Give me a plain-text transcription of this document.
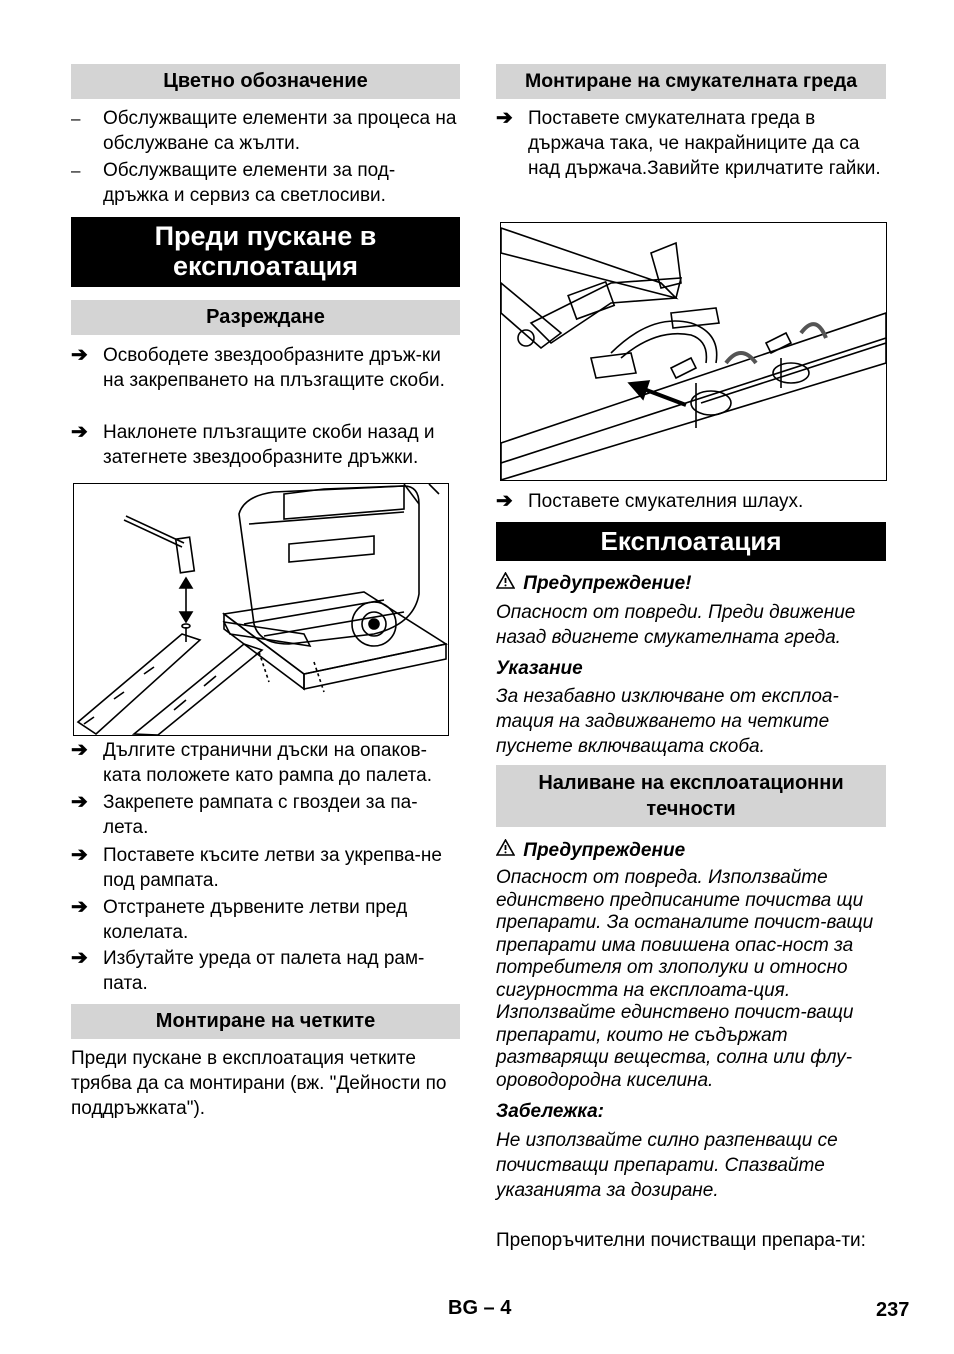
Цветно обозначение
–	Обслужващите елементи за процеса на обслужване са жълти.
–	Обслужващите елементи за под-дръжка и сервиз са светлосиви.
Преди пускане в експлоатация
Разреждане
➔ Освободете звездообразните дръж-ки на закрепването на плъзгащите скоби.
➔ Наклонете плъзгащите скоби назад и затегнете звездообразните дръжки.
➔ Дългите странични дъски на опаков-ката положете като рампа до палета.
➔ Закрепете рампата с гвоздеи за па-лета.
➔ Поставете късите летви за укрепва-не под рампата.
➔ Отстранете дървените летви пред колелата.
➔ Избутайте уреда от палета над рам-пата.
Монтиране на четките
Преди пускане в експлоатация четките трябва да са монтирани (вж. "Дейности по поддръжката").
Монтиране на смукателната греда
➔ Поставете смукателната греда в държача така, че накрайниците да са над държача.Завийте крилчатите гайки.
➔ Поставете смукателния шлаух.
Експлоатация
Предупреждение!
Опасност от повреди. Преди движение назад вдигнете смукателната греда.
Указание
За незабавно изключване от експлоа-тация на задвижването на четките пуснете включващата скоба.
Наливане на експлоатационни течности
Предупреждение
Опасност от повреда. Използвайте единствено предписаните почиства щи препарати. За останалите почист-ващи препарати има повишена опас-ност за потребителя от злополуки и относно сигурността на експлоата-ция. Използвайте единствено почист-ващи препарати, които не съдържат разтварящи вещества, солна или флу-ороводородна киселина.
Забележка:
Не използвайте силно разпенващи се почистващи препарати. Спазвайте указанията за дозиране.
Препоръчителни почистващи препара-ти:
BG – 4	237
